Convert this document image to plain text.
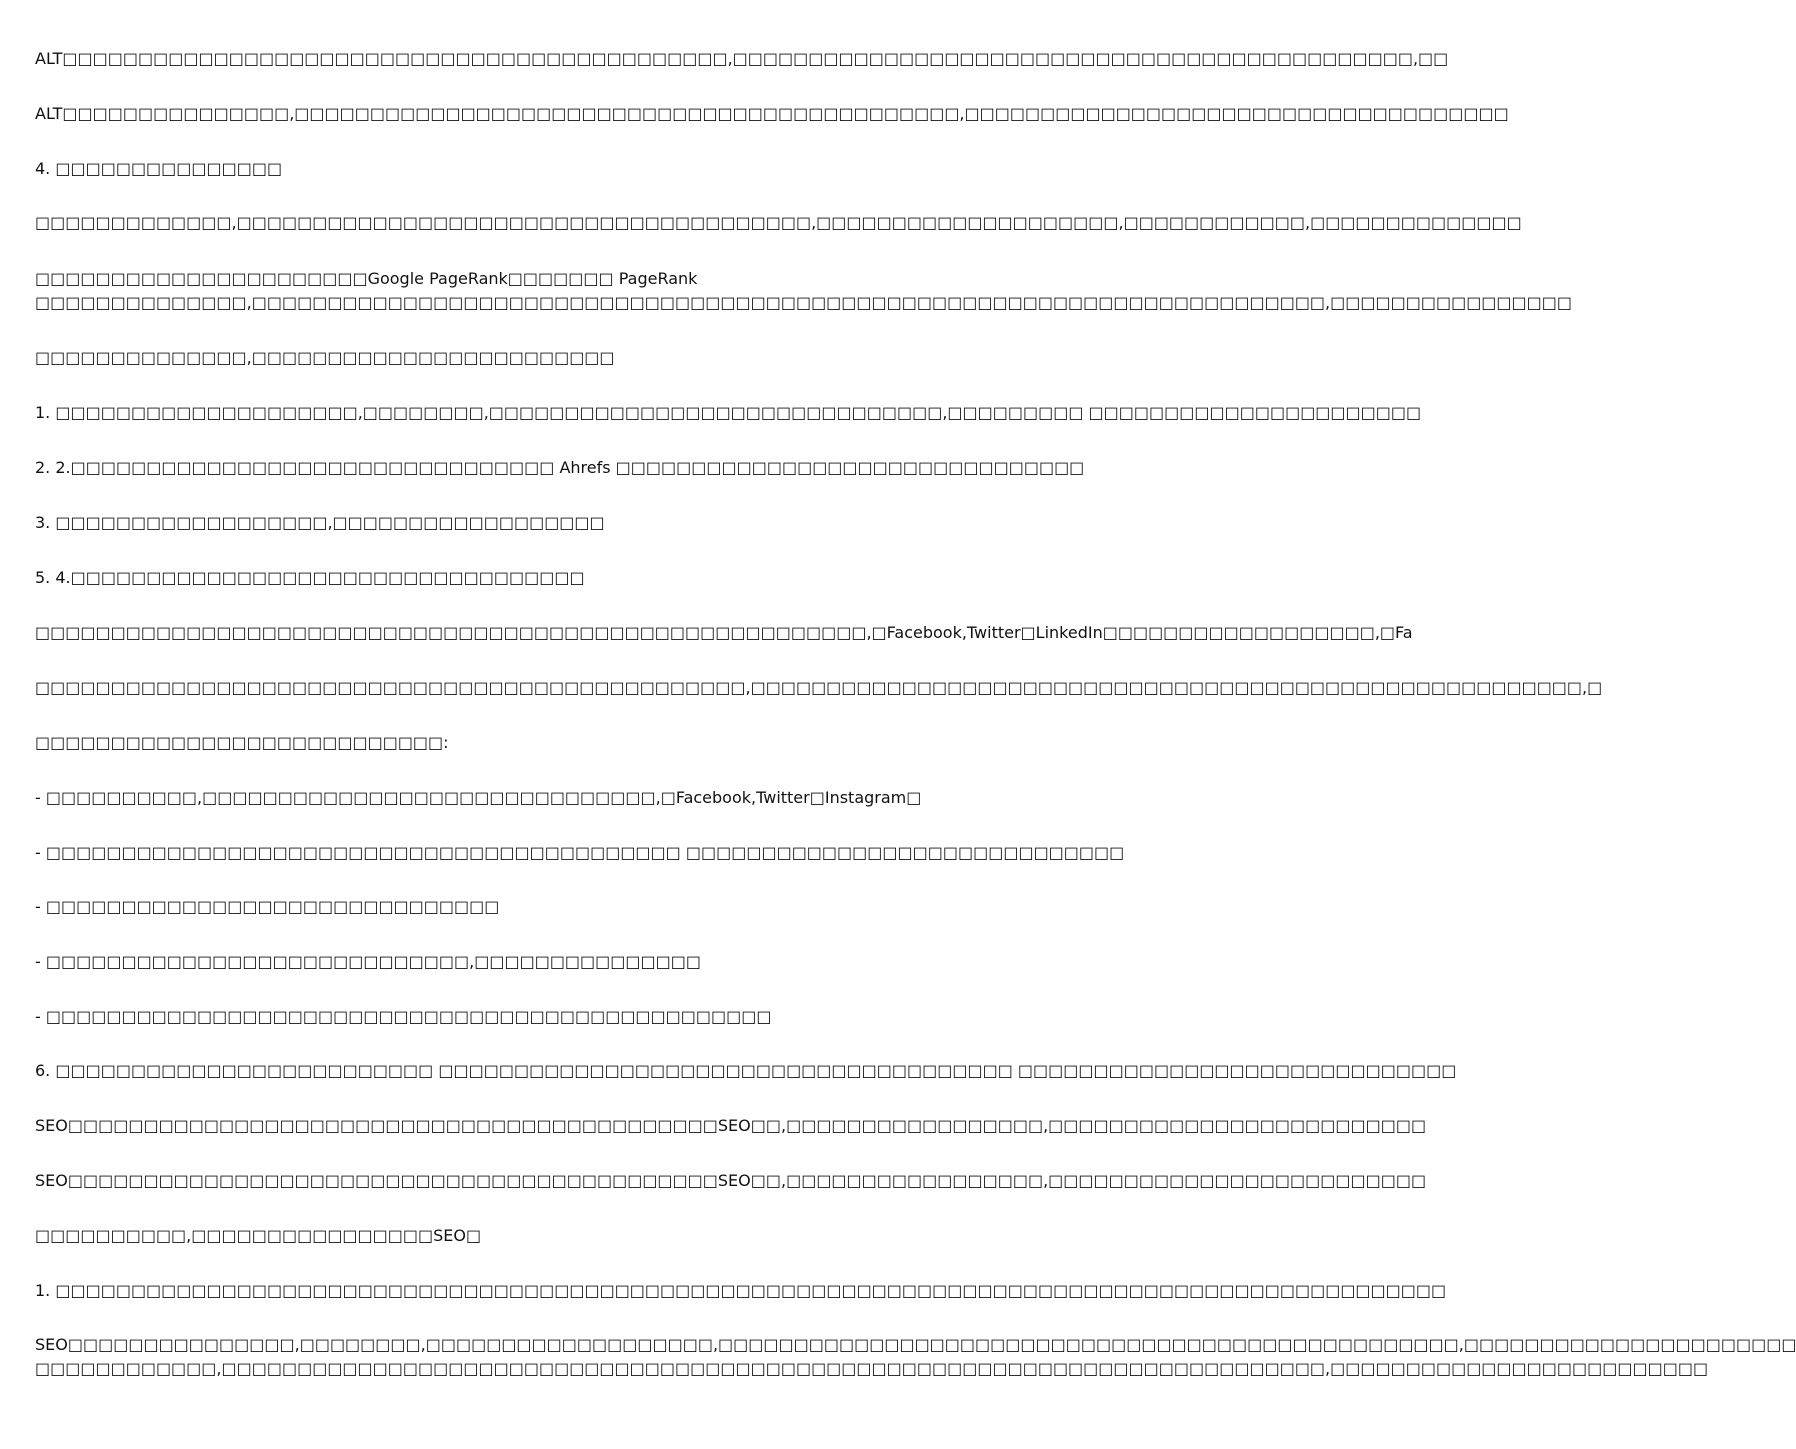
ALT□□□□□□□□□□□□□□□□□□□□□□□□□□□□□□□□□□□□□□□□□□□□,□□□□□□□□□□□□□□□□□□□□□□□□□□□□□□□□□□□□□□□□□□□□□,□□
ALT□□□□□□□□□□□□□□□,□□□□□□□□□□□□□□□□□□□□□□□□□□□□□□□□□□□□□□□□□□□□,□□□□□□□□□□□□□□□□□□□□□□□□□□□□□□□□□□□□
4. □□□□□□□□□□□□□□□
□□□□□□□□□□□□□,□□□□□□□□□□□□□□□□□□□□□□□□□□□□□□□□□□□□□□,□□□□□□□□□□□□□□□□□□□□,□□□□□□□□□□□□,□□□□□□□□□□□□□□
□□□□□□□□□□□□□□□□□□□□□□Google PageRank□□□□□□□ PageRank
□□□□□□□□□□□□□□,□□□□□□□□□□□□□□□□□□□□□□□□□□□□□□□□□□□□□□□□□□□□□□□□□□□□□□□□□□□□□□□□□□□□□□□,□□□□□□□□□□□□□□□□
□□□□□□□□□□□□□□,□□□□□□□□□□□□□□□□□□□□□□□□
1. □□□□□□□□□□□□□□□□□□□□,□□□□□□□□,□□□□□□□□□□□□□□□□□□□□□□□□□□□□□□,□□□□□□□□□ □□□□□□□□□□□□□□□□□□□□□□
2. 2.□□□□□□□□□□□□□□□□□□□□□□□□□□□□□□□□ Ahrefs □□□□□□□□□□□□□□□□□□□□□□□□□□□□□□□
3. □□□□□□□□□□□□□□□□□□,□□□□□□□□□□□□□□□□□□
5. 4.□□□□□□□□□□□□□□□□□□□□□□□□□□□□□□□□□□
□□□□□□□□□□□□□□□□□□□□□□□□□□□□□□□□□□□□□□□□□□□□□□□□□□□□□□□,□Facebook,Twitter□LinkedIn□□□□□□□□□□□□□□□□□□,□Fa
□□□□□□□□□□□□□□□□□□□□□□□□□□□□□□□□□□□□□□□□□□□□□□□,□□□□□□□□□□□□□□□□□□□□□□□□□□□□□□□□□□□□□□□□□□□□□□□□□□□□□□□,□
□□□□□□□□□□□□□□□□□□□□□□□□□□□:
- □□□□□□□□□□,□□□□□□□□□□□□□□□□□□□□□□□□□□□□□□,□Facebook,Twitter□Instagram□
- □□□□□□□□□□□□□□□□□□□□□□□□□□□□□□□□□□□□□□□□□□ □□□□□□□□□□□□□□□□□□□□□□□□□□□□□
- □□□□□□□□□□□□□□□□□□□□□□□□□□□□□□
- □□□□□□□□□□□□□□□□□□□□□□□□□□□□,□□□□□□□□□□□□□□□
- □□□□□□□□□□□□□□□□□□□□□□□□□□□□□□□□□□□□□□□□□□□□□□□□
6. □□□□□□□□□□□□□□□□□□□□□□□□□ □□□□□□□□□□□□□□□□□□□□□□□□□□□□□□□□□□□□□□ □□□□□□□□□□□□□□□□□□□□□□□□□□□□□
SEO□□□□□□□□□□□□□□□□□□□□□□□□□□□□□□□□□□□□□□□□□□□SEO□□,□□□□□□□□□□□□□□□□□,□□□□□□□□□□□□□□□□□□□□□□□□□
SEO□□□□□□□□□□□□□□□□□□□□□□□□□□□□□□□□□□□□□□□□□□□SEO□□,□□□□□□□□□□□□□□□□□,□□□□□□□□□□□□□□□□□□□□□□□□□
□□□□□□□□□□,□□□□□□□□□□□□□□□□SEO□
1. □□□□□□□□□□□□□□□□□□□□□□□□□□□□□□□□□□□□□□□□□□□□□□□□□□□□□□□□□□□□□□□□□□□□□□□□□□□□□□□□□□□□□□□□□□□□
SEO□□□□□□□□□□□□□□□,□□□□□□□□,□□□□□□□□□□□□□□□□□□□,□□□□□□□□□□□□□□□□□□□□□□□□□□□□□□□□□□□□□□□□□□□□□□□□□,□□□□□□□□□□□□□□□□□□□□□□
□□□□□□□□□□□□,□□□□□□□□□□□□□□□□□□□□□□□□□□□□□□□□□□□□□□□□□□□□□□□□□□□□□□□□□□□□□□□□□□□□□□□□□,□□□□□□□□□□□□□□□□□□□□□□□□□
